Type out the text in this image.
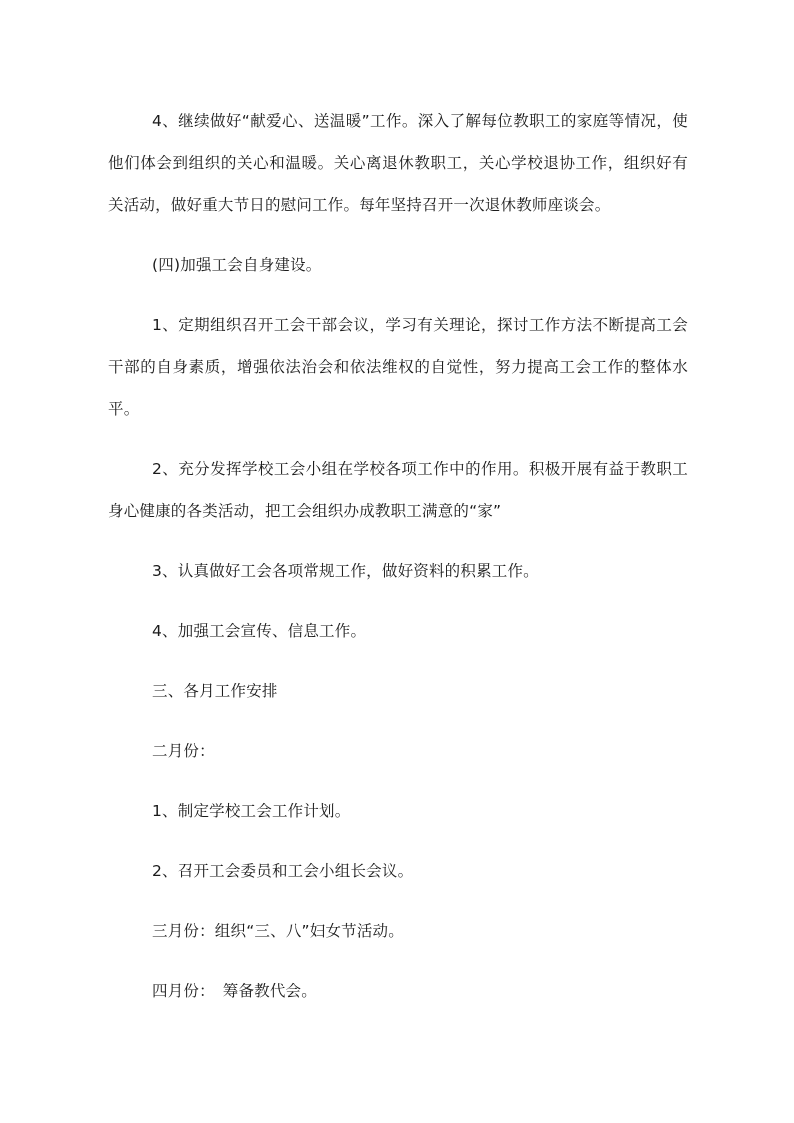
4、继续做好“献爱心、送温暖”工作。深入了解每位教职工的家庭等情况，使他们体会到组织的关心和温暖。关心离退休教职工，关心学校退协工作，组织好有关活动，做好重大节日的慰问工作。每年坚持召开一次退休教师座谈会。

(四)加强工会自身建设。

1、定期组织召开工会干部会议，学习有关理论，探讨工作方法不断提高工会干部的自身素质，增强依法治会和依法维权的自觉性，努力提高工会工作的整体水平。

2、充分发挥学校工会小组在学校各项工作中的作用。积极开展有益于教职工身心健康的各类活动，把工会组织办成教职工满意的“家”

3、认真做好工会各项常规工作，做好资料的积累工作。

4、加强工会宣传、信息工作。

三、各月工作安排

二月份：

1、制定学校工会工作计划。

2、召开工会委员和工会小组长会议。

三月份：组织“三、八”妇女节活动。

四月份：　筹备教代会。
